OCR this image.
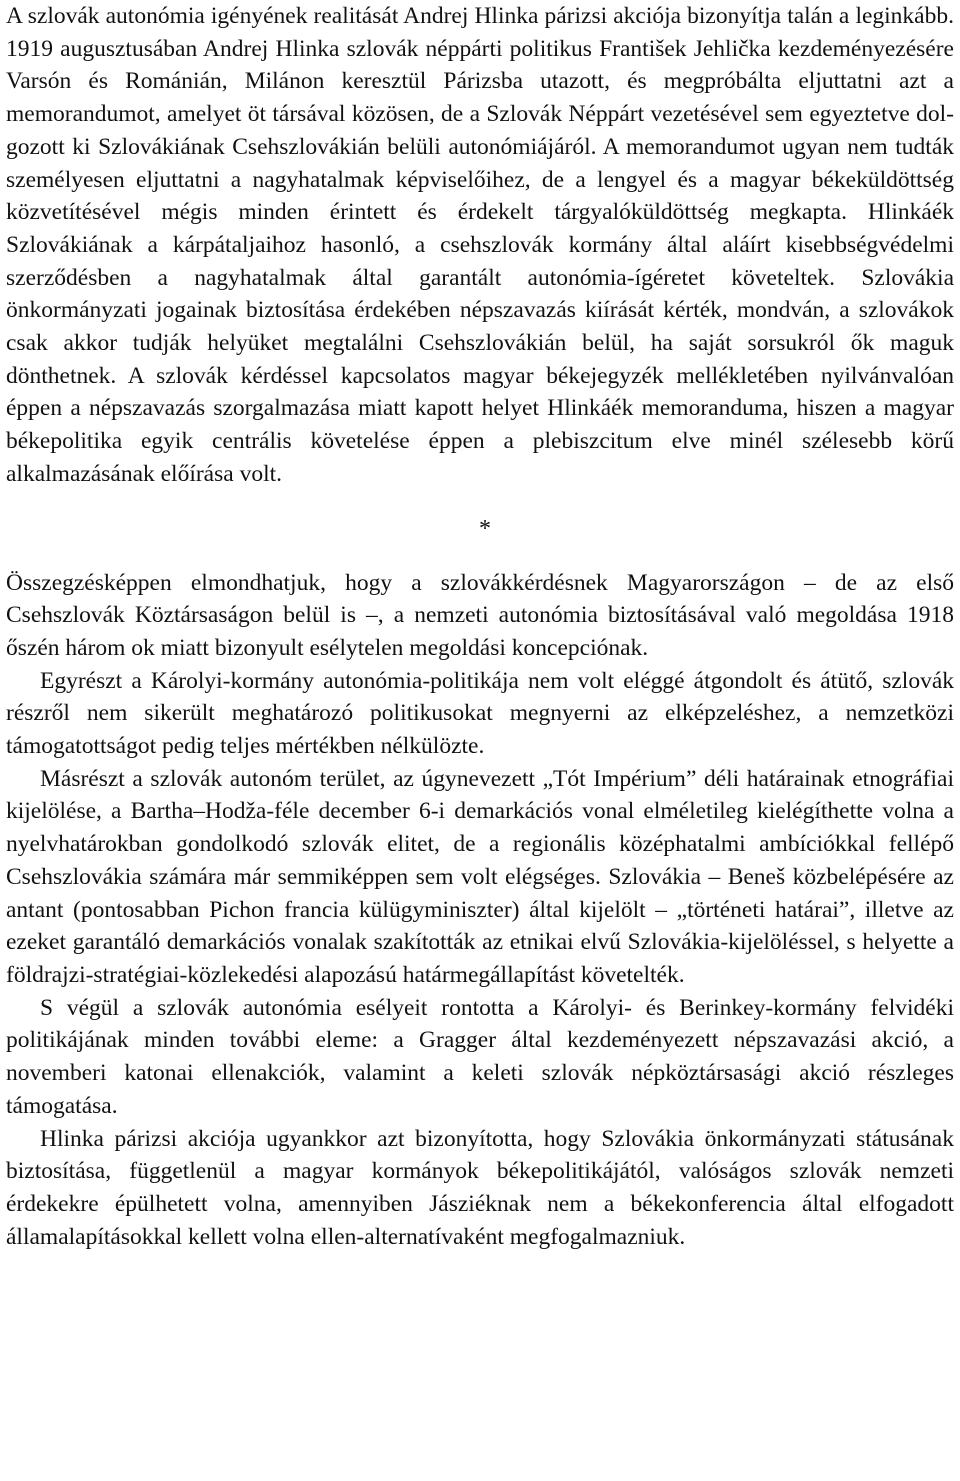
A szlovák autonómia igényének realitását Andrej Hlinka párizsi akciója bizonyítja talán a leginkább. 1919 augusztusában Andrej Hlinka szlovák néppárti politikus František Jehlička kezdeményezésére Varsón és Románián, Milánon keresztül Párizsba utazott, és megpróbálta eljuttatni azt a memorandumot, amelyet öt társával közösen, de a Szlovák Néppárt vezetésével sem egyeztetve dolgozott ki Szlovákiának Csehszlovákián belüli autonómiájáról. A memorandumot ugyan nem tudták személyesen eljuttatni a nagyhatalmak képviselőihez, de a lengyel és a magyar békeküldöttség közvetítésével mégis minden érintett és érdekelt tárgyalóküldöttség megkapta. Hlinkáék Szlovákiának a kárpátaljaihoz hasonló, a csehszlovák kormány által aláírt kisebbségvédelmi szerződésben a nagyhatalmak által garantált autonómia-ígéretet követeltek. Szlovákia önkormányzati jogainak biztosítása érdekében népszavazás kiírását kérték, mondván, a szlovákok csak akkor tudják helyüket megtalálni Csehszlovákián belül, ha saját sorsukról ők maguk dönthetnek. A szlovák kérdéssel kapcsolatos magyar békejegyzék mellékletében nyilvánvalóan éppen a népszavazás szorgalmazása miatt kapott helyet Hlinkáék memoranduma, hiszen a magyar békepolitika egyik centrális követelése éppen a plebiszcitum elve minél szélesebb körű alkalmazásának előírása volt.

*

Összegzésképpen elmondhatjuk, hogy a szlovákkérdésnek Magyarországon – de az első Csehszlovák Köztársaságon belül is –, a nemzeti autonómia biztosításával való megoldása 1918 őszén három ok miatt bizonyult esélytelen megoldási koncepciónak.

Egyrészt a Károlyi-kormány autonómia-politikája nem volt eléggé átgondolt és átütő, szlovák részről nem sikerült meghatározó politikusokat megnyerni az elképzeléshez, a nemzetközi támogatottságot pedig teljes mértékben nélkülözte.

Másrészt a szlovák autonóm terület, az úgynevezett „Tót Impérium” déli határainak etnográfiai kijelölése, a Bartha–Hodža-féle december 6-i demarkációs vonal elméletileg kielégíthette volna a nyelvhatárokban gondolkodó szlovák elitet, de a regionális középhatalmi ambíciókkal fellépő Csehszlovákia számára már semmiképpen sem volt elégséges. Szlovákia – Beneš közbelépésére az antant (pontosabban Pichon francia külügyminiszter) által kijelölt – „történeti határai”, illetve az ezeket garantáló demarkációs vonalak szakították az etnikai elvű Szlovákia-kijelöléssel, s helyette a földrajzi-stratégiai-közlekedési alapozású határmegállapítást követelték.

S végül a szlovák autonómia esélyeit rontotta a Károlyi- és Berinkey-kormány felvidéki politikájának minden további eleme: a Gragger által kezdeményezett népszavazási akció, a novemberi katonai ellenakciók, valamint a keleti szlovák népköztársasági akció részleges támogatása.

Hlinka párizsi akciója ugyankkor azt bizonyította, hogy Szlovákia önkormányzati státusának biztosítása, függetlenül a magyar kormányok békepolitikájától, valóságos szlovák nemzeti érdekekre épülhetett volna, amennyiben Jásziéknak nem a békekonferencia által elfogadott államalapításokkal kellett volna ellen-alternatívaként megfogalmazniuk.
